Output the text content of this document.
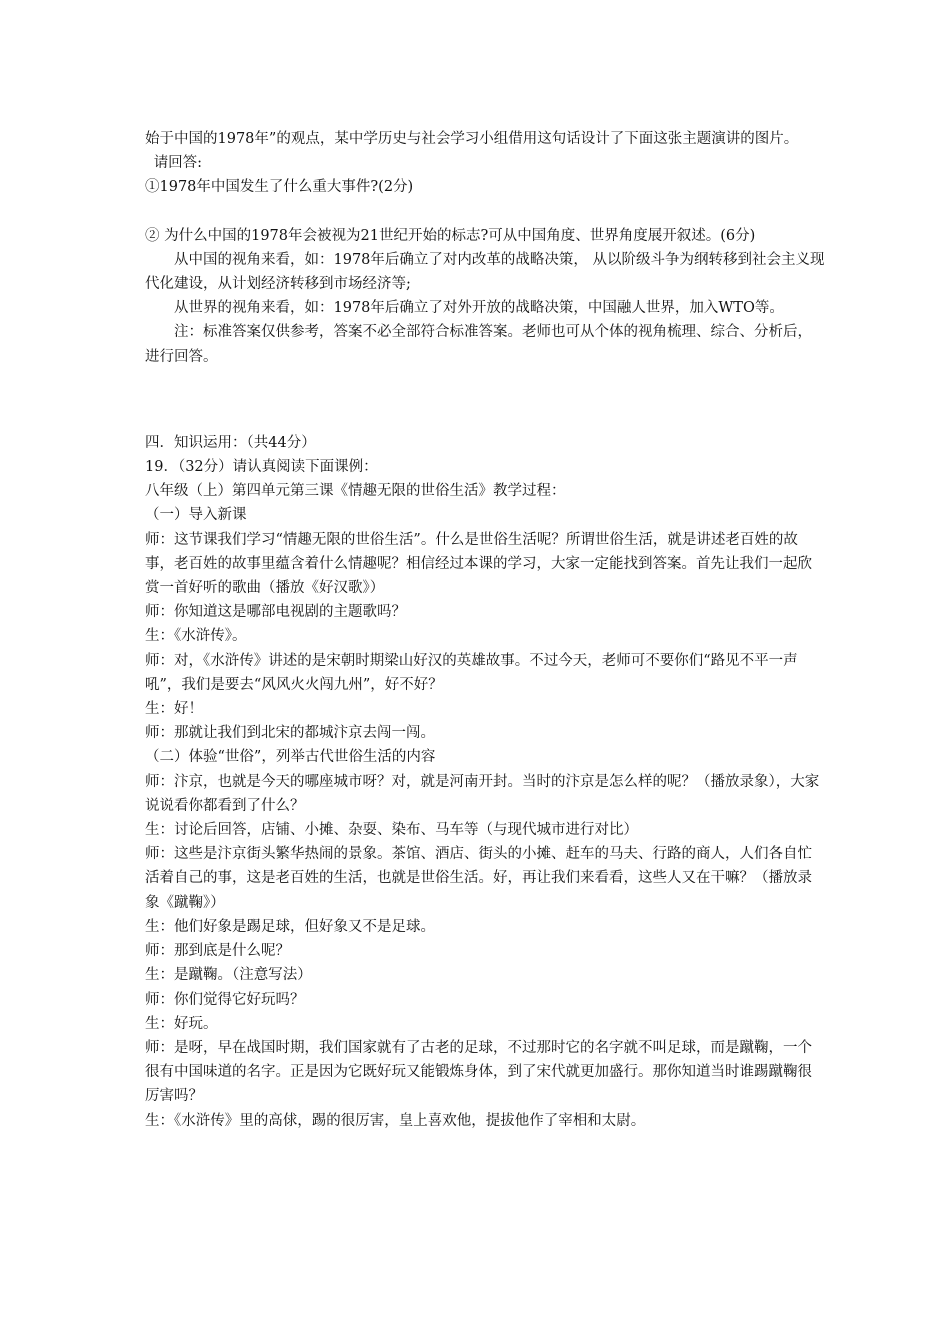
始于中国的1978年”的观点，某中学历史与社会学习小组借用这句话设计了下面这张主题演讲的图片。

请回答:

①1978年中国发生了什么重大事件?(2分)

② 为什么中国的1978年会被视为21世纪开始的标志?可从中国角度、世界角度展开叙述。(6分)

从中国的视角来看，如：1978年后确立了对内改革的战略决策， 从以阶级斗争为纲转移到社会主义现代化建设，从计划经济转移到市场经济等;

从世界的视角来看，如：1978年后确立了对外开放的战略决策，中国融人世界，加入WTO等。

注：标准答案仅供参考，答案不必全部符合标准答案。老师也可从个体的视角梳理、综合、分析后，进行回答。

四．知识运用：（共44分）

19．（32分）请认真阅读下面课例：

八年级（上）第四单元第三课《情趣无限的世俗生活》教学过程：

（一）导入新课

师：这节课我们学习“情趣无限的世俗生活”。什么是世俗生活呢？所谓世俗生活，就是讲述老百姓的故事，老百姓的故事里蕴含着什么情趣呢？相信经过本课的学习，大家一定能找到答案。首先让我们一起欣赏一首好听的歌曲（播放《好汉歌》）

师：你知道这是哪部电视剧的主题歌吗？

生：《水浒传》。

师：对，《水浒传》讲述的是宋朝时期梁山好汉的英雄故事。不过今天，老师可不要你们“路见不平一声吼”，我们是要去“风风火火闯九州”，好不好？

生：好！

师：那就让我们到北宋的都城汴京去闯一闯。

（二）体验“世俗”，列举古代世俗生活的内容

师：汴京，也就是今天的哪座城市呀？对，就是河南开封。当时的汴京是怎么样的呢？（播放录象），大家说说看你都看到了什么？

生：讨论后回答，店铺、小摊、杂耍、染布、马车等（与现代城市进行对比）

师：这些是汴京街头繁华热闹的景象。茶馆、酒店、街头的小摊、赶车的马夫、行路的商人，人们各自忙活着自己的事，这是老百姓的生活，也就是世俗生活。好，再让我们来看看，这些人又在干嘛？（播放录象《蹴鞠》）

生：他们好象是踢足球，但好象又不是足球。

师：那到底是什么呢？

生：是蹴鞠。（注意写法）

师：你们觉得它好玩吗？

生：好玩。

师：是呀，早在战国时期，我们国家就有了古老的足球，不过那时它的名字就不叫足球，而是蹴鞠，一个很有中国味道的名字。正是因为它既好玩又能锻炼身体，到了宋代就更加盛行。那你知道当时谁踢蹴鞠很厉害吗？

生：《水浒传》里的高俅，踢的很厉害，皇上喜欢他，提拔他作了宰相和太尉。
